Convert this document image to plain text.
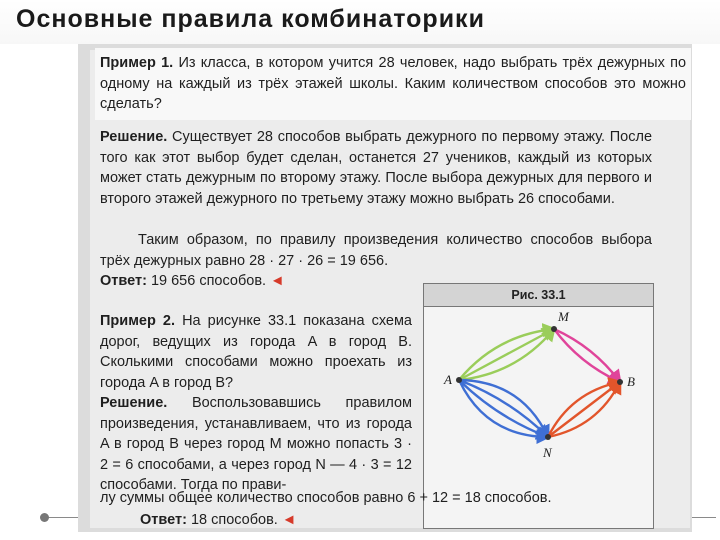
Основные правила комбинаторики

Пример 1. Из класса, в котором учится 28 человек, надо выбрать трёх дежурных по одному на каждый из трёх этажей школы. Каким количеством способов это можно сделать?

Решение. Существует 28 способов выбрать дежурного по первому этажу. После того как этот выбор будет сделан, останется 27 учеников, каждый из которых может стать дежурным по второму этажу. После выбора дежурных для первого и второго этажей дежурного по третьему этажу можно выбрать 26 способами.

Таким образом, по правилу произведения количество способов выбора трёх дежурных равно 28 · 27 · 26 = 19 656.
Ответ: 19 656 способов. ◄

Пример 2. На рисунке 33.1 показана схема дорог, ведущих из города A в город B. Сколькими способами можно проехать из города A в город B?

Решение. Воспользовавшись правилом произведения, устанавливаем, что из города A в город B через город M можно попасть 3 · 2 = 6 способами, а через город N — 4 · 3 = 12 способами. Тогда по прави-

Ответ: 18 способов. ◄

Рис. 33.1
A
M
N
B

лу суммы общее количество способов равно 6 + 12 = 18 способов.
